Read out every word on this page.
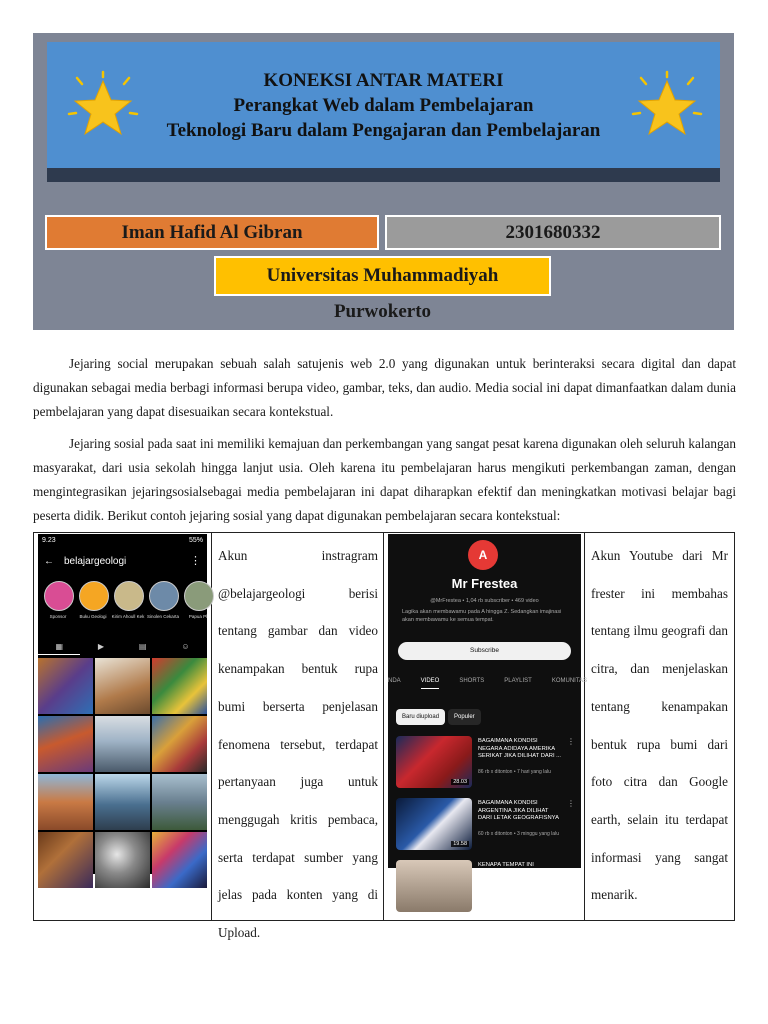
KONEKSI ANTAR MATERI
Perangkat Web dalam Pembelajaran
Teknologi Baru dalam Pengajaran dan Pembelajaran
Iman Hafid Al Gibran	2301680332
Universitas Muhammadiyah Purwokerto
Jejaring social merupakan sebuah salah satujenis web 2.0 yang digunakan untuk berinteraksi secara digital dan dapat digunakan sebagai media berbagi informasi berupa video, gambar, teks, dan audio. Media social ini dapat dimanfaatkan dalam dunia pembelajaran yang dapat disesuaikan secara kontekstual.
Jejaring sosial pada saat ini memiliki kemajuan dan perkembangan yang sangat pesat karena digunakan oleh seluruh kalangan masyarakat, dari usia sekolah hingga lanjut usia. Oleh karena itu pembelajaran harus mengikuti perkembangan zaman, dengan mengintegrasikan jejaringsosialsebagai media pembelajaran ini dapat diharapkan efektif dan meningkatkan motivasi belajar bagi peserta didik. Berikut contoh jejaring sosial yang dapat digunakan pembelajaran secara kontekstual:
9.23	55%
← belajargeologi	⋮
Sponsor	Buku Geologi	Kirim Ahoull Kek Sinolen Cekarta	Papua Pl
▦	▶	▤	☺
Akun instragram @belajargeologi berisi tentang gambar dan video kenampakan bentuk rupa bumi berserta penjelasan fenomena tersebut, terdapat pertanyaan juga untuk menggugah kritis pembaca, serta terdapat sumber yang jelas pada konten yang di Upload.
A
Mr Frestea
@MrFrestea • 1,04 rb subscriber • 469 video
Lagika akan membawamu pada A hingga Z. Sedangkan imajinasi akan membawamu ke semua tempat.
Subscribe
NDA	VIDEO	SHORTS	PLAYLIST	KOMUNITAS
Baru diupload	Populer
28.03
BAGAIMANA KONDISI NEGARA ADIDAYA AMERIKA SERIKAT JIKA DILIHAT DARI ...
86 rb x ditonton • 7 hari yang lalu
⋮
19.58
BAGAIMANA KONDISI ARGENTINA JIKA DILIHAT DARI LETAK GEOGRAFISNYA
60 rb x ditonton • 3 minggu yang lalu
⋮
KENAPA TEMPAT INI
Akun Youtube dari Mr frester ini membahas tentang ilmu geografi dan citra, dan menjelaskan tentang kenampakan bentuk rupa bumi dari foto citra dan Google earth, selain itu terdapat informasi yang sangat menarik.
